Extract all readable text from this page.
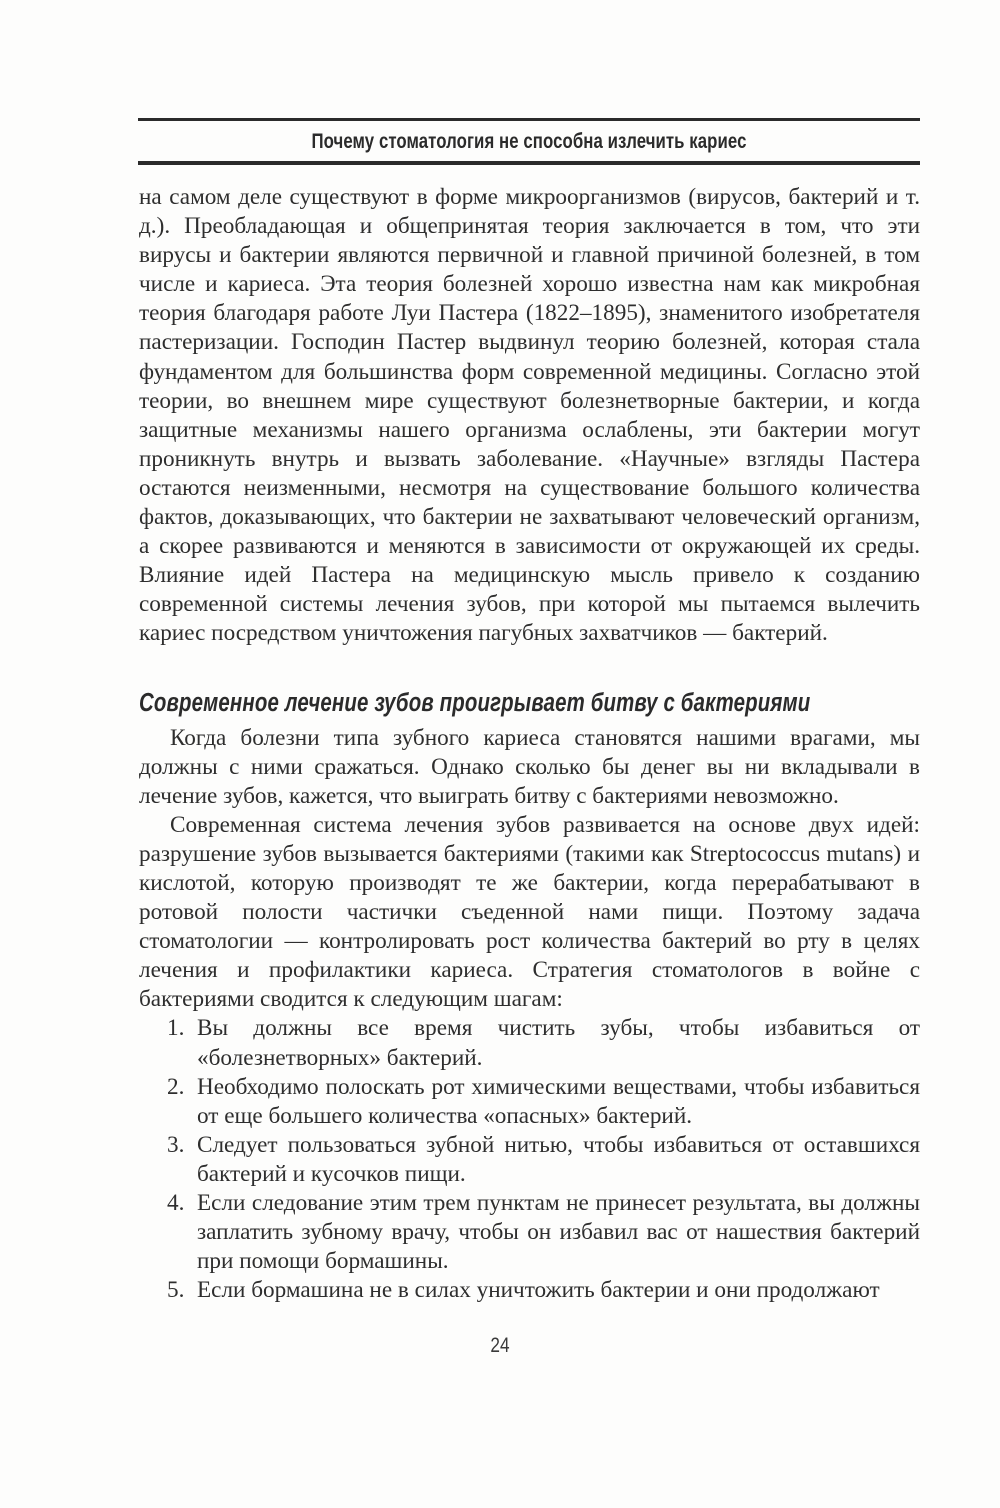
Почему стоматология не способна излечить кариес

на самом деле существуют в форме микроорганизмов (вирусов, бактерий и т. д.). Преобладающая и общепринятая теория заключается в том, что эти вирусы и бактерии являются первичной и главной причиной болезней, в том числе и кариеса. Эта теория болезней хорошо известна нам как микробная теория благодаря работе Луи Пастера (1822–1895), знаменитого изобретателя пастеризации. Господин Пастер выдвинул теорию болезней, которая стала фундаментом для большинства форм современной медицины. Согласно этой теории, во внешнем мире существуют болезнетворные бактерии, и когда защитные механизмы нашего организма ослаблены, эти бактерии могут проникнуть внутрь и вызвать заболевание. «Научные» взгляды Пастера остаются неизменными, несмотря на существование большого количества фактов, доказывающих, что бактерии не захватывают человеческий организм, а скорее развиваются и меняются в зависимости от окружающей их среды. Влияние идей Пастера на медицинскую мысль привело к созданию современной системы лечения зубов, при которой мы пытаемся вылечить кариес посредством уничтожения пагубных захватчиков — бактерий.

Современное лечение зубов проигрывает битву с бактериями

Когда болезни типа зубного кариеса становятся нашими врагами, мы должны с ними сражаться. Однако сколько бы денег вы ни вкладывали в лечение зубов, кажется, что выиграть битву с бактериями невозможно.

Современная система лечения зубов развивается на основе двух идей: разрушение зубов вызывается бактериями (такими как Streptococcus mutans) и кислотой, которую производят те же бактерии, когда перерабатывают в ротовой полости частички съеденной нами пищи. Поэтому задача стоматологии — контролировать рост количества бактерий во рту в целях лечения и профилактики кариеса. Стратегия стоматологов в войне с бактериями сводится к следующим шагам:

Вы должны все время чистить зубы, чтобы избавиться от «болезнетворных» бактерий.
Необходимо полоскать рот химическими веществами, чтобы избавиться от еще большего количества «опасных» бактерий.
Следует пользоваться зубной нитью, чтобы избавиться от оставшихся бактерий и кусочков пищи.
Если следование этим трем пунктам не принесет результата, вы должны заплатить зубному врачу, чтобы он избавил вас от нашествия бактерий при помощи бормашины.
Если бормашина не в силах уничтожить бактерии и они продолжают
24
